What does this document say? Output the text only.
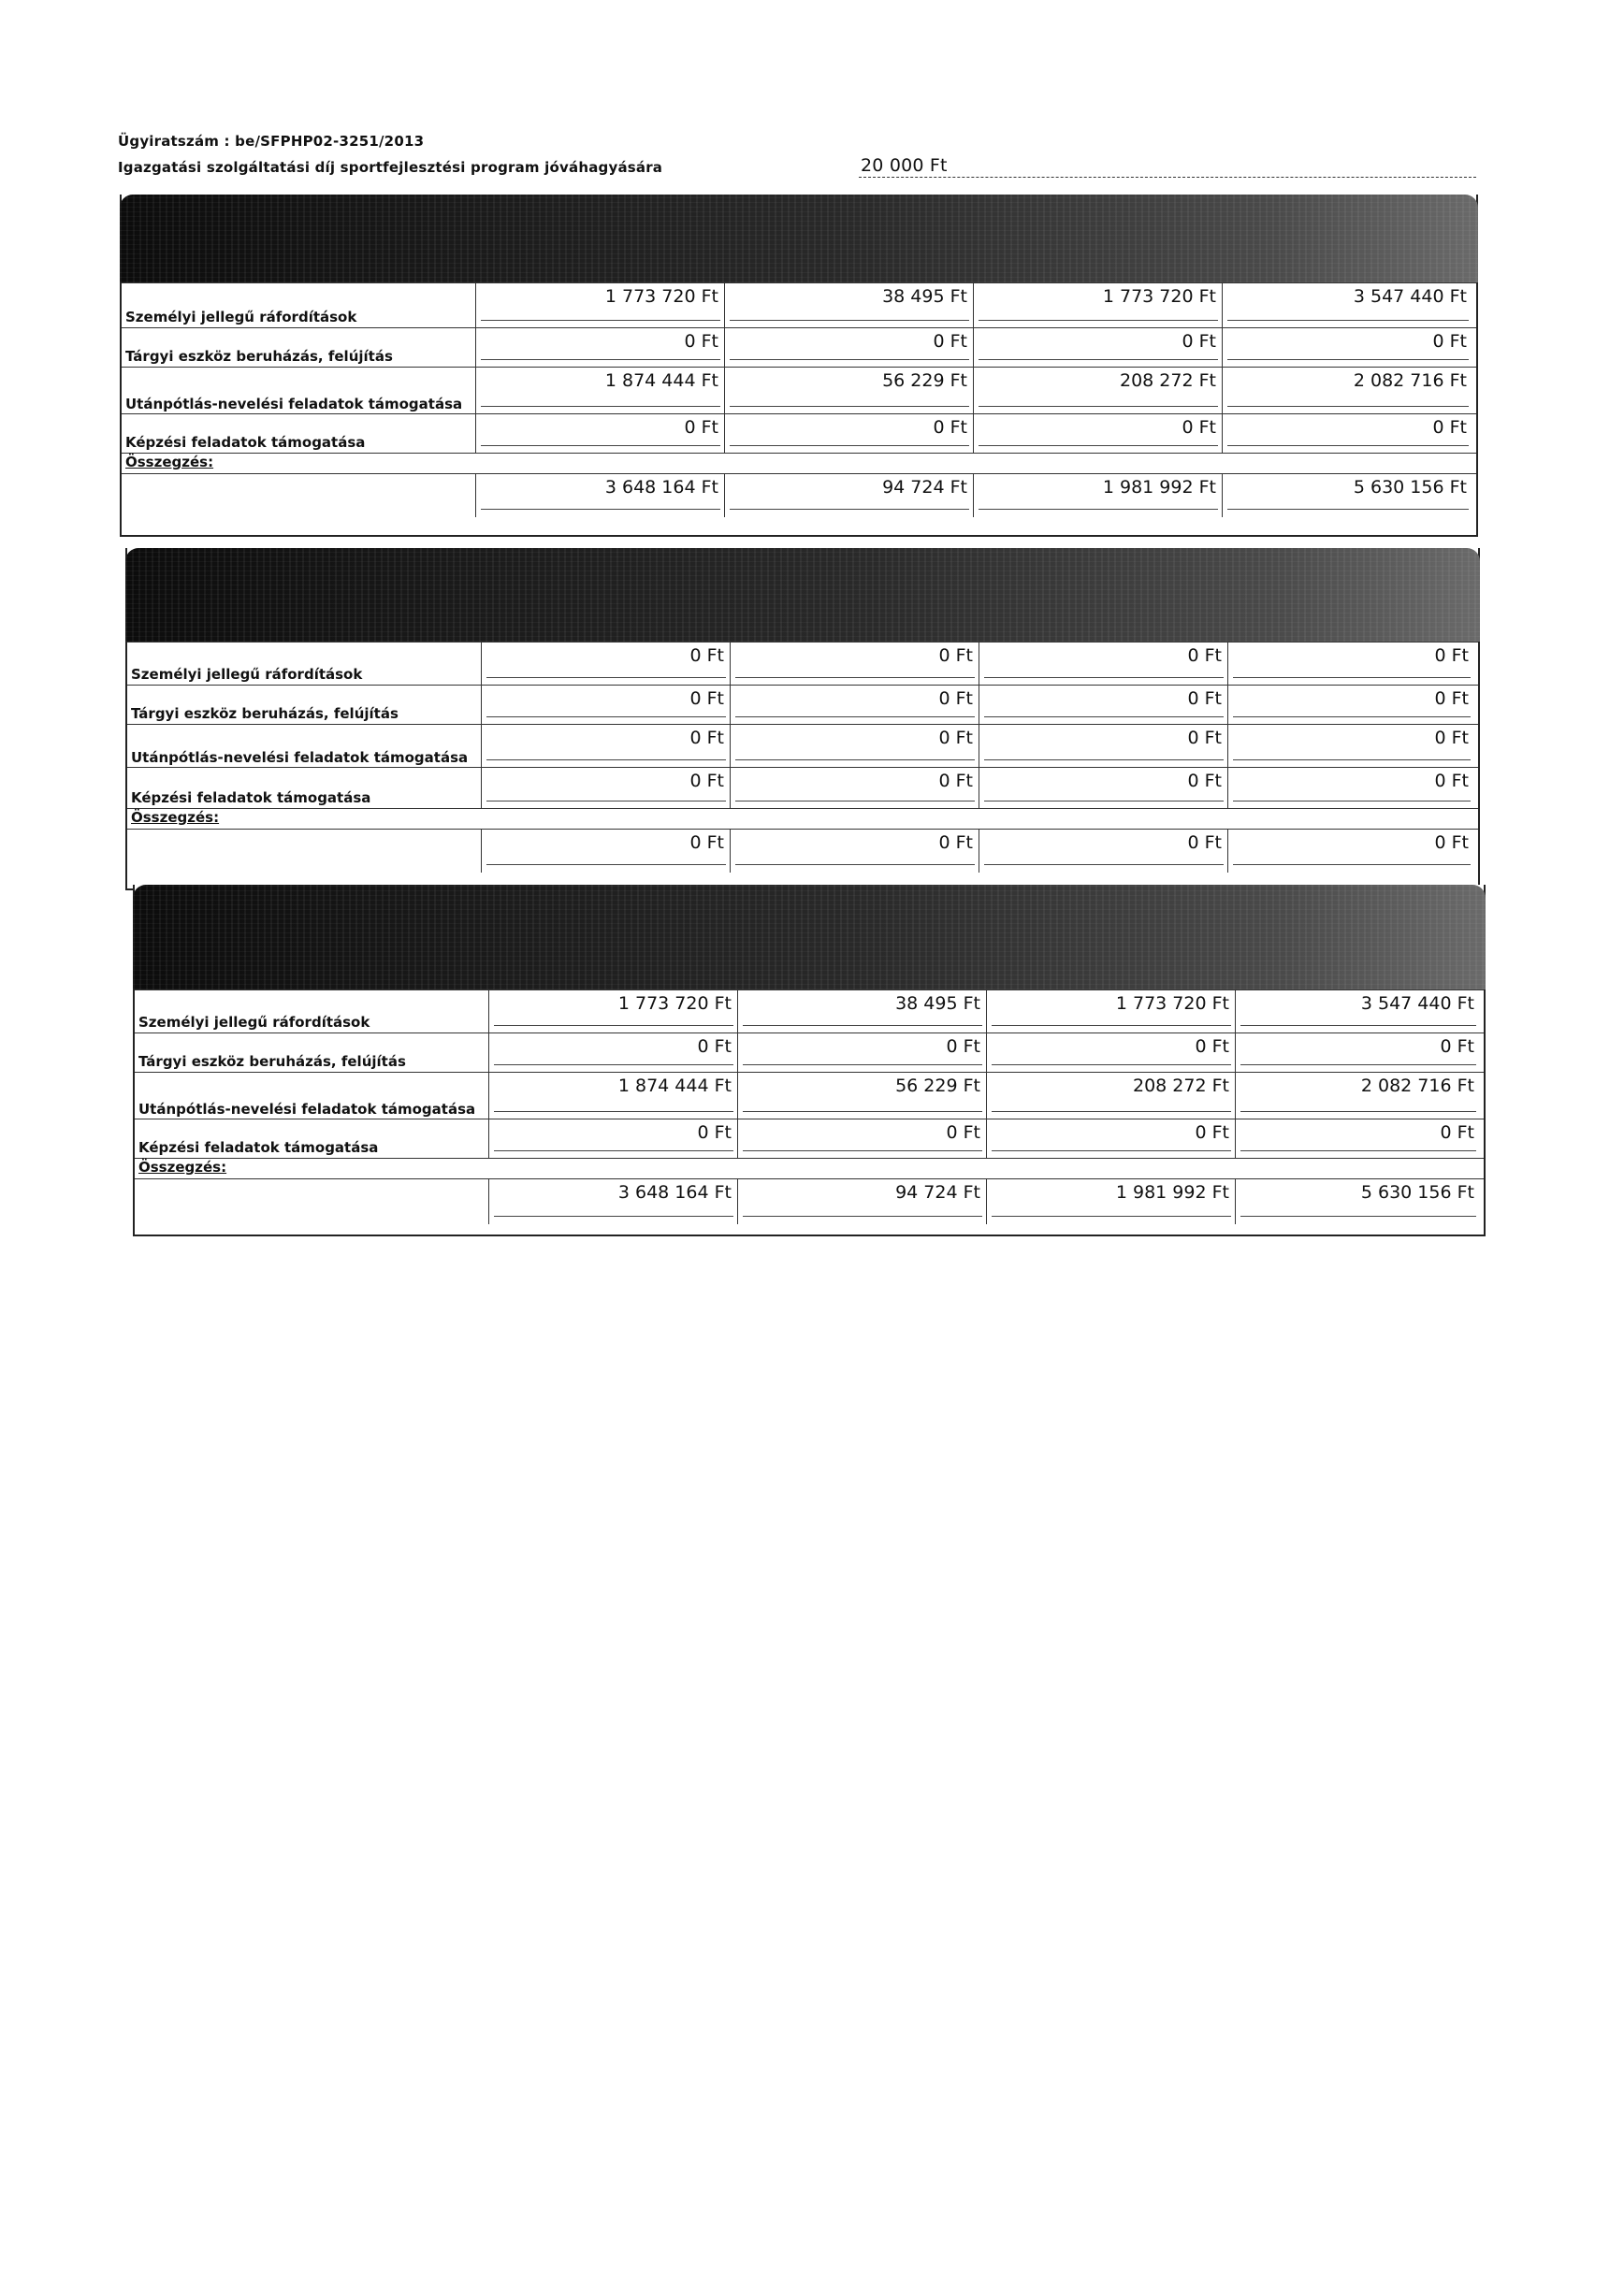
Ügyiratszám : be/SFPHP02-3251/2013
Igazgatási szolgáltatási díj sportfejlesztési program jóváhagyására	20 000 Ft
Személyi jellegű ráfordítások
1 773 720 Ft	38 495 Ft	1 773 720 Ft	3 547 440 Ft
Tárgyi eszköz beruházás, felújítás
0 Ft	0 Ft	0 Ft	0 Ft
Utánpótlás-nevelési feladatok támogatása
1 874 444 Ft	56 229 Ft	208 272 Ft	2 082 716 Ft
Képzési feladatok támogatása
0 Ft	0 Ft	0 Ft	0 Ft
Összegzés:
3 648 164 Ft	94 724 Ft	1 981 992 Ft	5 630 156 Ft
Személyi jellegű ráfordítások
0 Ft	0 Ft	0 Ft	0 Ft
Tárgyi eszköz beruházás, felújítás
0 Ft	0 Ft	0 Ft	0 Ft
Utánpótlás-nevelési feladatok támogatása
0 Ft	0 Ft	0 Ft	0 Ft
Képzési feladatok támogatása
0 Ft	0 Ft	0 Ft	0 Ft
Összegzés:
0 Ft	0 Ft	0 Ft	0 Ft
Személyi jellegű ráfordítások
1 773 720 Ft	38 495 Ft	1 773 720 Ft	3 547 440 Ft
Tárgyi eszköz beruházás, felújítás
0 Ft	0 Ft	0 Ft	0 Ft
Utánpótlás-nevelési feladatok támogatása
1 874 444 Ft	56 229 Ft	208 272 Ft	2 082 716 Ft
Képzési feladatok támogatása
0 Ft	0 Ft	0 Ft	0 Ft
Összegzés:
3 648 164 Ft	94 724 Ft	1 981 992 Ft	5 630 156 Ft
